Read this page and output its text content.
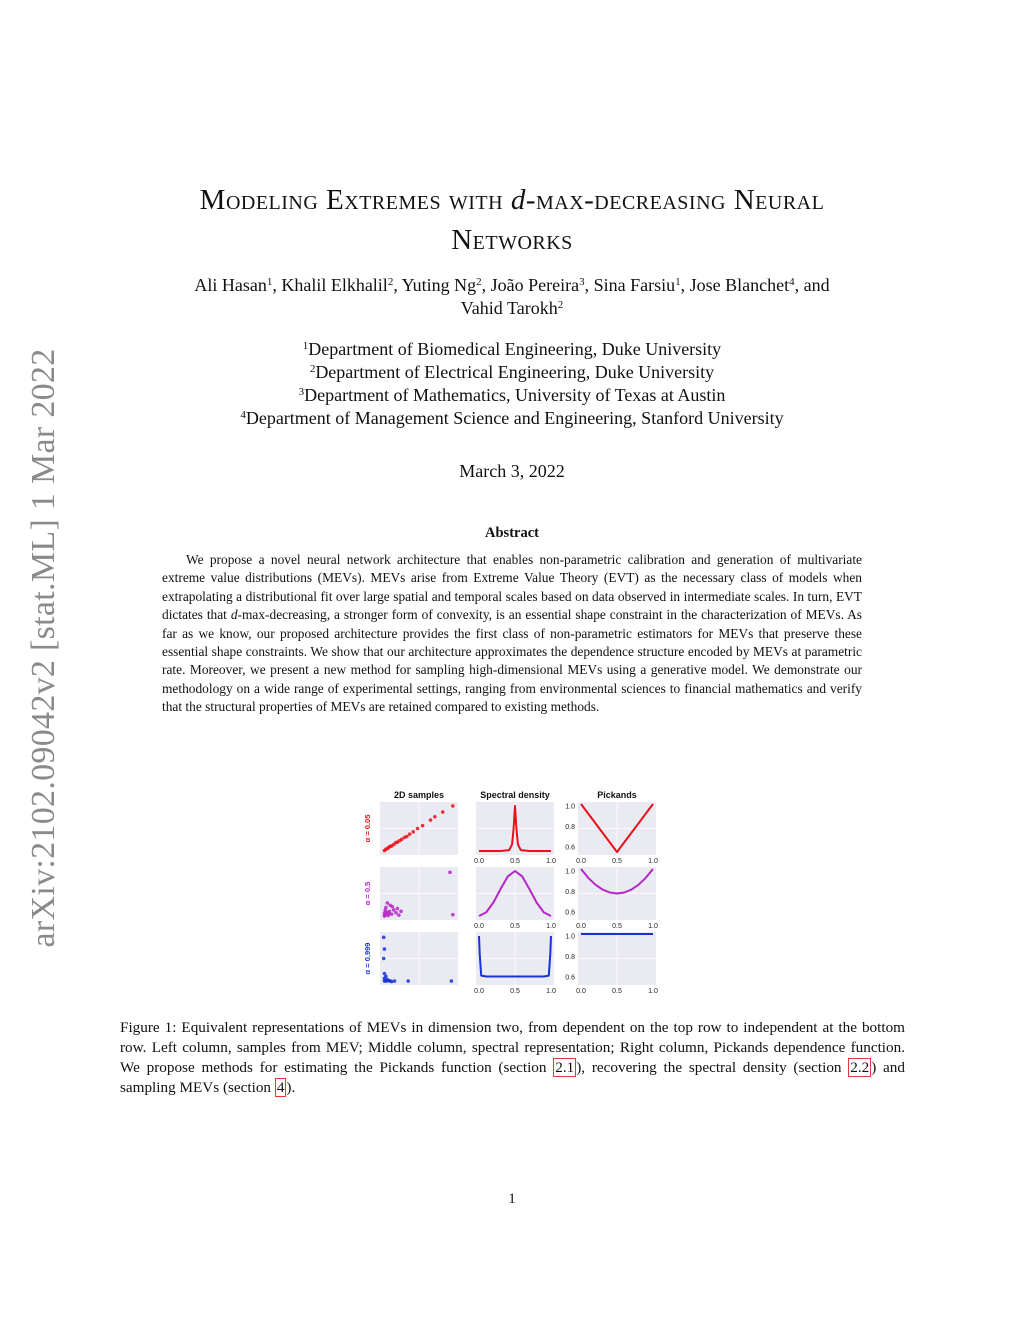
arXiv:2102.09042v2 [stat.ML] 1 Mar 2022
Modeling Extremes with d-max-decreasing Neural
Networks
Ali Hasan$^1$, Khalil Elkhalil$^2$, Yuting Ng$^2$, João Pereira$^3$, Sina Farsiu$^1$, Jose Blanchet$^4$, and
Vahid Tarokh$^2$
$^1$Department of Biomedical Engineering, Duke University
$^2$Department of Electrical Engineering, Duke University
$^3$Department of Mathematics, University of Texas at Austin
$^4$Department of Management Science and Engineering, Stanford University
March 3, 2022
Abstract
We propose a novel neural network architecture that enables non-parametric calibration and generation of multivariate extreme value distributions (MEVs). MEVs arise from Extreme Value Theory (EVT) as the necessary class of models when extrapolating a distributional fit over large spatial and temporal scales based on data observed in intermediate scales. In turn, EVT dictates that d-max-decreasing, a stronger form of convexity, is an essential shape constraint in the characterization of MEVs. As far as we know, our proposed architecture provides the first class of non-parametric estimators for MEVs that preserve these essential shape constraints. We show that our architecture approximates the dependence structure encoded by MEVs at parametric rate. Moreover, we present a new method for sampling high-dimensional MEVs using a generative model. We demonstrate our methodology on a wide range of experimental settings, ranging from environmental sciences to financial mathematics and verify that the structural properties of MEVs are retained compared to existing methods.
2D samples	Spectral density	Pickands
α = 0.05
0.0	0.5	1.0
1.0
0.8
0.6
0.0	0.5	1.0
α = 0.5
0.0	0.5	1.0
1.0
0.8
0.6
0.0	0.5	1.0
α = 0.999
0.0	0.5	1.0
1.0
0.8
0.6
0.0	0.5	1.0
Figure 1: Equivalent representations of MEVs in dimension two, from dependent on the top row to independent at the bottom row. Left column, samples from MEV; Middle column, spectral representation; Right column, Pickands dependence function. We propose methods for estimating the Pickands function (section 2.1 ), recovering the spectral density (section 2.2 ) and sampling MEVs (section 4 ).
1
